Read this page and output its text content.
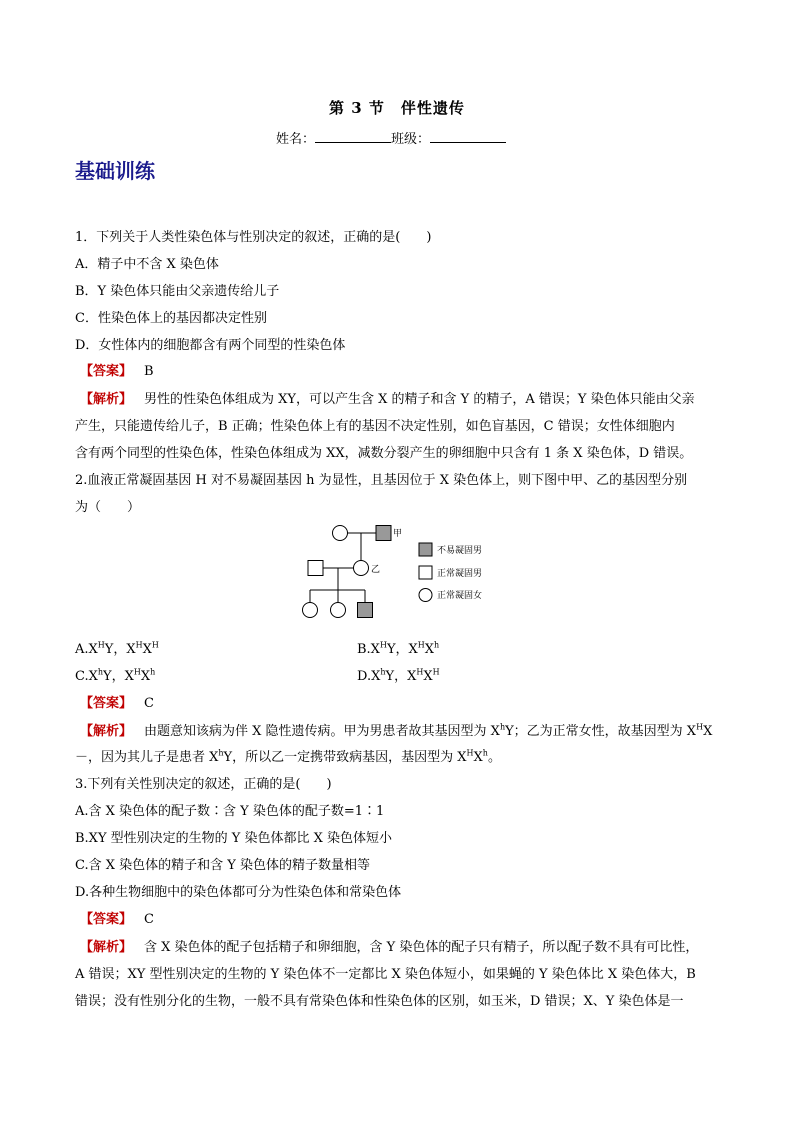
第 3 节　伴性遗传
姓名：	班级：
基础训练
1．下列关于人类性染色体与性别决定的叙述，正确的是(　　)
A．精子中不含 X 染色体
B．Y 染色体只能由父亲遗传给儿子
C．性染色体上的基因都决定性别
D．女性体内的细胞都含有两个同型的性染色体
【答案】 B
【解析】 男性的性染色体组成为 XY，可以产生含 X 的精子和含 Y 的精子，A 错误；Y 染色体只能由父亲
产生，只能遗传给儿子，B 正确；性染色体上有的基因不决定性别，如色盲基因，C 错误；女性体细胞内
含有两个同型的性染色体，性染色体组成为 XX，减数分裂产生的卵细胞中只含有 1 条 X 染色体，D 错误。
2.血液正常凝固基因 H 对不易凝固基因 h 为显性，且基因位于 X 染色体上，则下图中甲、乙的基因型分别
为（　　）
甲
乙
不易凝固男
正常凝固男
正常凝固女
$A.X^HY$，$X^HX^H$	$B.X^HY$，$X^HX^h$
$C.X^hY$，$X^HX^h$	$D.X^hY$，$X^HX^H$
【答案】 C
【解析】 由题意知该病为伴 X 隐性遗传病。甲为男患者故其基因型为 $X^hY$；乙为正常女性，故基因型为 $X^HX$
－，因为其儿子是患者 $X^hY$，所以乙一定携带致病基因，基因型为 $X^HX^h$。
3.下列有关性别决定的叙述，正确的是(　　)
A.含 X 染色体的配子数∶含 Y 染色体的配子数=1∶1
B.XY 型性别决定的生物的 Y 染色体都比 X 染色体短小
C.含 X 染色体的精子和含 Y 染色体的精子数量相等
D.各种生物细胞中的染色体都可分为性染色体和常染色体
【答案】 C
【解析】 含 X 染色体的配子包括精子和卵细胞，含 Y 染色体的配子只有精子，所以配子数不具有可比性，
A 错误；XY 型性别决定的生物的 Y 染色体不一定都比 X 染色体短小，如果蝇的 Y 染色体比 X 染色体大，B
错误；没有性别分化的生物，一般不具有常染色体和性染色体的区别，如玉米，D 错误；X、Y 染色体是一
